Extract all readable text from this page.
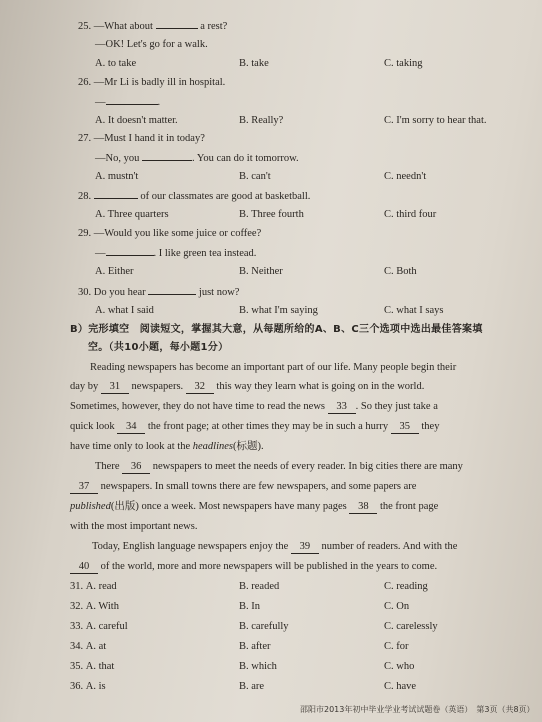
25. —What about	a rest?
—OK! Let's go for a walk.
A. to take	B. take	C. taking
26. —Mr Li is badly ill in hospital.
—	.
A. It doesn't matter.	B. Really?	C. I'm sorry to hear that.
27. —Must I hand it in today?
—No, you	. You can do it tomorrow.
A. mustn't	B. can't	C. needn't
28.	of our classmates are good at basketball.
A. Three quarters	B. Three fourth	C. third four
29. —Would you like some juice or coffee?
—	. I like green tea instead.
A. Either	B. Neither	C. Both
30. Do you hear	just now?
A. what I said	B. what I'm saying	C. what I says
B）完形填空　阅读短文，掌握其大意，从每题所给的A、B、C三个选项中选出最佳答案填
空。（共10小题，每小题1分）
Reading newspapers has become an important part of our life. Many people begin their
day by 31 newspapers. 32 this way they learn what is going on in the world.
Sometimes, however, they do not have time to read the news 33 . So they just take a
quick look 34 the front page; at other times they may be in such a hurry 35 they
have time only to look at the headlines(标题).
There 36 newspapers to meet the needs of every reader. In big cities there are many
37 newspapers. In small towns there are few newspapers, and some papers are
published(出版) once a week. Most newspapers have many pages 38 the front page
with the most important news.
Today, English language newspapers enjoy the 39 number of readers. And with the
40 of the world, more and more newspapers will be published in the years to come.
31. A. read	B. readed	C. reading
32. A. With	B. In	C. On
33. A. careful	B. carefully	C. carelessly
34. A. at	B. after	C. for
35. A. that	B. which	C. who
36. A. is	B. are	C. have
邵阳市2013年初中毕业学业考试试题卷（英语）　第3页（共8页）
